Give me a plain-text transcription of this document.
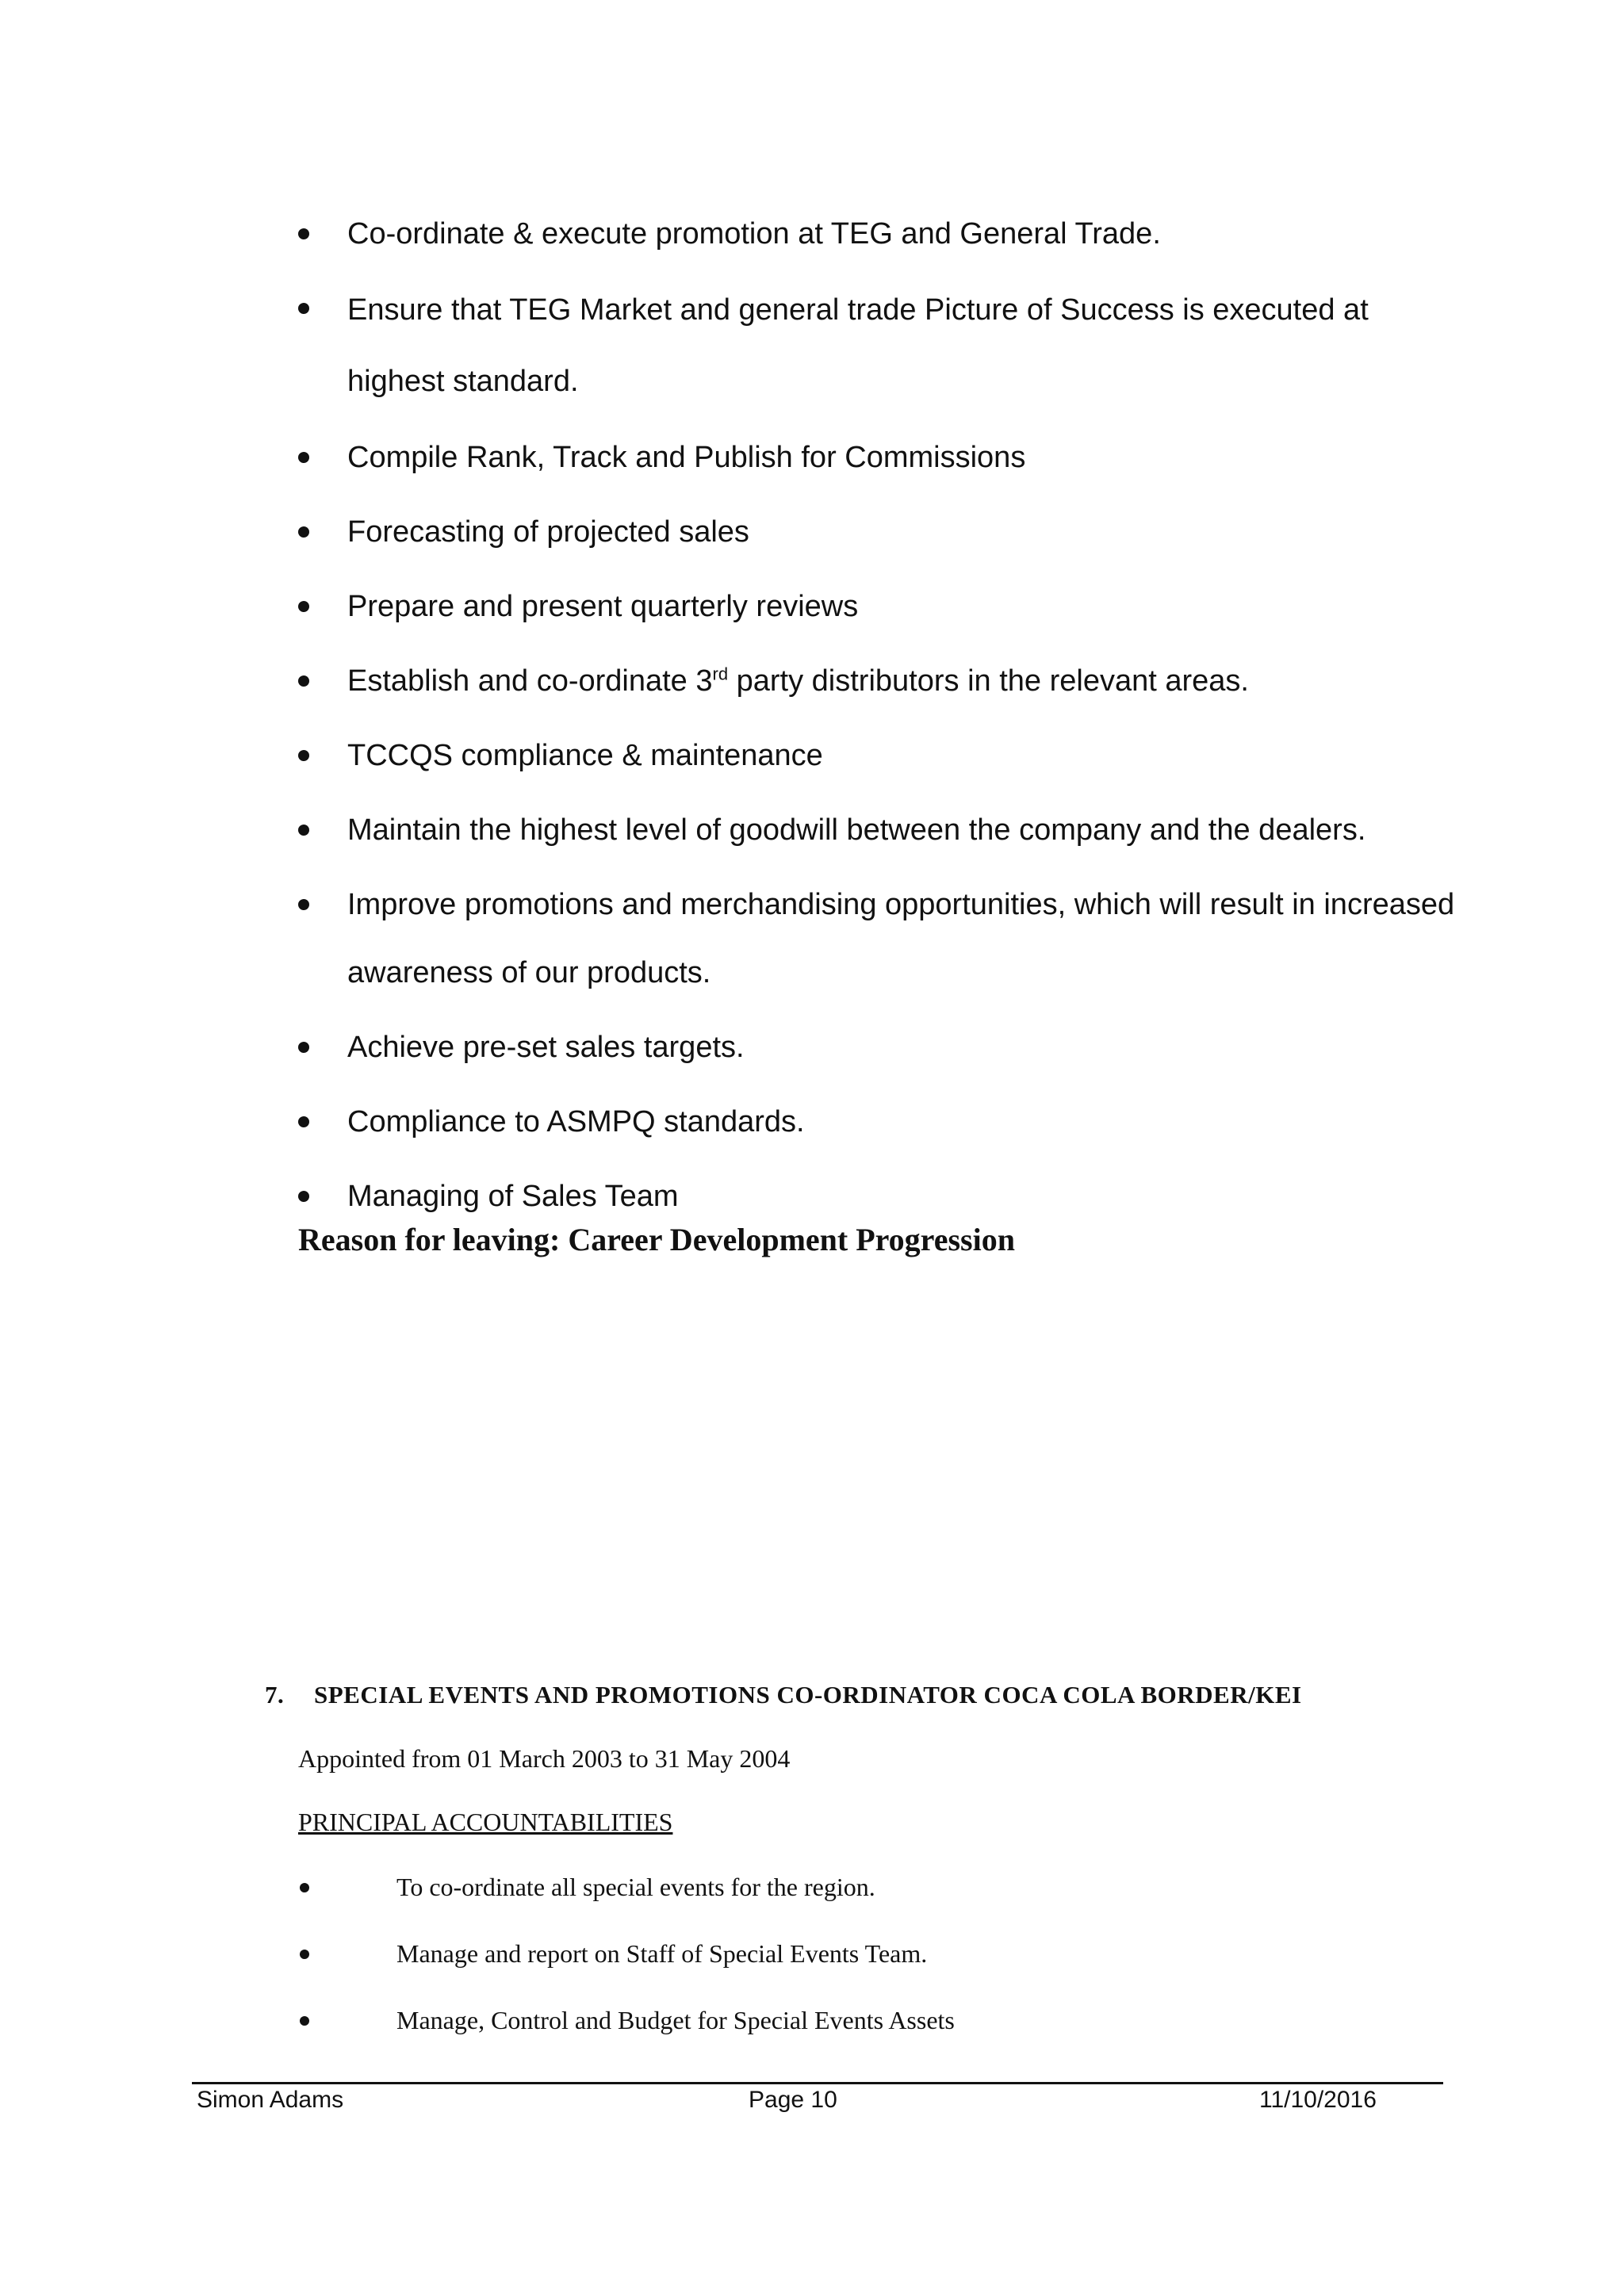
Co-ordinate & execute promotion at TEG and General Trade.
Ensure that TEG Market and general trade Picture of Success is executed at highest standard.
Compile Rank, Track and Publish for Commissions
Forecasting of projected sales
Prepare and present quarterly reviews
Establish and co-ordinate 3rd party distributors in the relevant areas.
TCCQS compliance & maintenance
Maintain the highest level of goodwill between the company and the dealers.
Improve promotions and merchandising opportunities, which will result in increased awareness of our products.
Achieve pre-set sales targets.
Compliance to ASMPQ standards.
Managing of Sales Team

Reason for leaving: Career Development Progression

7. SPECIAL EVENTS AND PROMOTIONS CO-ORDINATOR COCA COLA BORDER/KEI

Appointed from 01 March 2003 to 31 May 2004

PRINCIPAL ACCOUNTABILITIES

To co-ordinate all special events for the region.
Manage and report on Staff of Special Events Team.
Manage, Control and Budget for Special Events Assets
Simon Adams	Page 10	11/10/2016
